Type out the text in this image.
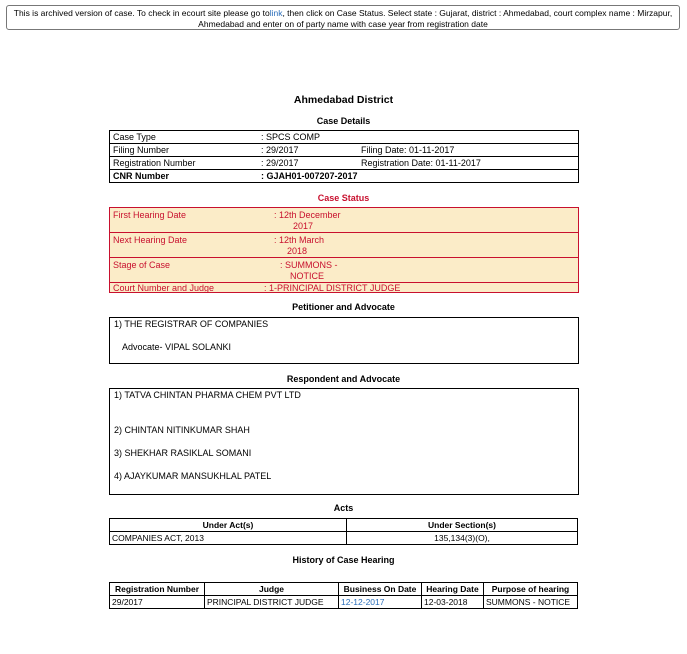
This is archived version of case. To check in ecourt site please go tolink, then click on Case Status. Select state : Gujarat, district : Ahmedabad, court complex name : Mirzapur, Ahmedabad and enter on of party name with case year from registration date
Ahmedabad District
Case Details
Case Type	: SPCS COMP
Filing Number	: 29/2017	Filing Date: 01-11-2017
Registration Number	: 29/2017	Registration Date: 01-11-2017
CNR Number	: GJAH01-007207-2017
Case Status
First Hearing Date	: 12th December
2017
Next Hearing Date	: 12th March
2018
Stage of Case	: SUMMONS -
NOTICE
Court Number and Judge	: 1-PRINCIPAL DISTRICT JUDGE
Petitioner and Advocate
1) THE REGISTRAR OF COMPANIES
Advocate- VIPAL SOLANKI
Respondent and Advocate
1) TATVA CHINTAN PHARMA CHEM PVT LTD
2) CHINTAN NITINKUMAR SHAH
3) SHEKHAR RASIKLAL SOMANI
4) AJAYKUMAR MANSUKHLAL PATEL
Acts
Under Act(s)	Under Section(s)
COMPANIES ACT, 2013	135,134(3)(O),
History of Case Hearing
Registration Number	Judge	Business On Date	Hearing Date	Purpose of hearing
29/2017	PRINCIPAL DISTRICT JUDGE	12-12-2017	12-03-2018	SUMMONS - NOTICE
